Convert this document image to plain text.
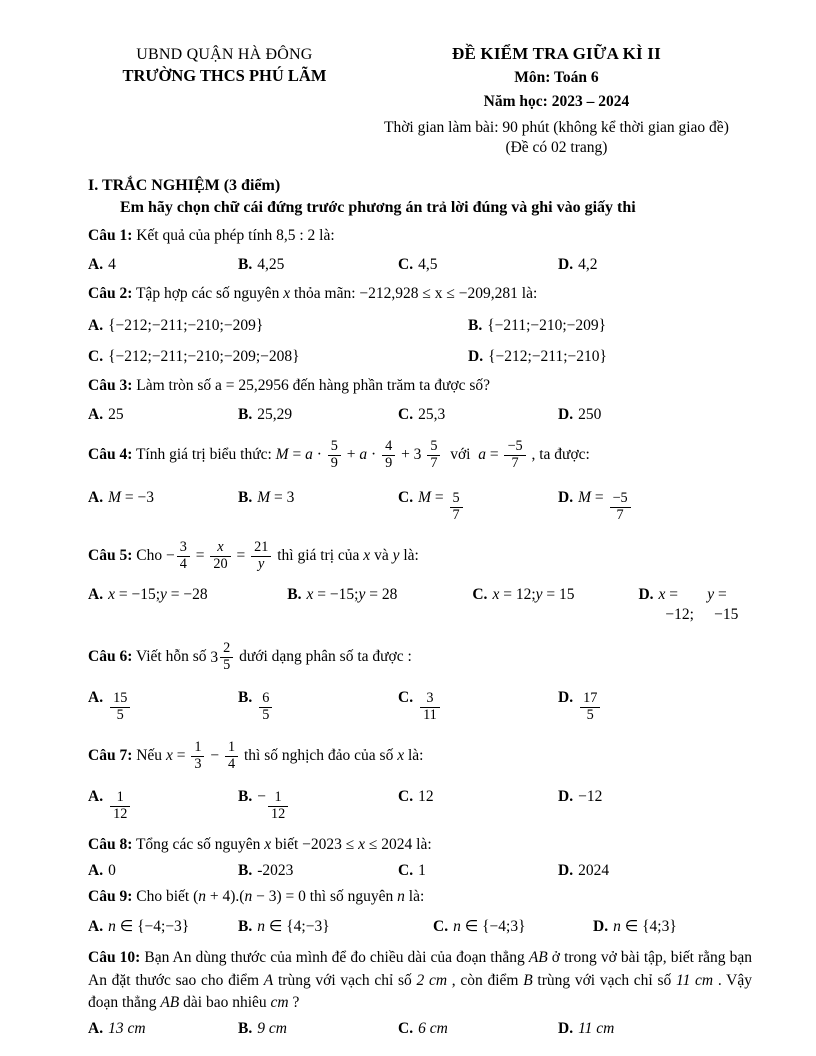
UBND QUẬN HÀ ĐÔNG
TRƯỜNG THCS PHÚ LÃM
ĐỀ KIỂM TRA GIỮA KÌ II
Môn: Toán 6
Năm học: 2023 – 2024
Thời gian làm bài: 90 phút (không kể thời gian giao đề)
(Đề có 02 trang)
I. TRẮC NGHIỆM (3 điểm)
Em hãy chọn chữ cái đứng trước phương án trả lời đúng và ghi vào giấy thi
Câu 1: Kết quả của phép tính 8,5 : 2 là:
A. 4	B. 4,25	C. 4,5	D. 4,2
Câu 2: Tập hợp các số nguyên x thỏa mãn: −212,928 ≤ x ≤ −209,281 là:
A. {−212;−211;−210;−209}	B. {−211;−210;−209}
C. {−212;−211;−210;−209;−208}	D. {−212;−211;−210}
Câu 3: Làm tròn số a = 25,2956 đến hàng phần trăm ta được số?
A. 25	B. 25,29	C. 25,3	D. 250
Câu 4: Tính giá trị biểu thức: $M = a \cdot \frac{5}{9} + a \cdot \frac{4}{9} + 3 \frac{5}{7}$ với  $a = \frac{-5}{7}$ , ta được:
A. M = −3	B. M = 3	C. $M = \frac{5}{7}$	D. $M = \frac{-5}{7}$
Câu 5: Cho − $\frac{3}{4} = \frac{x}{20} = \frac{21}{y}$ thì giá trị của x và y là:
A. x = −15; y = −28	B. x = −15; y = 28	C. x = 12; y = 15	D. x = −12;
y = −15
Câu 6: Viết hỗn số $3 \frac{2}{5}$ dưới dạng phân số ta được :
A. $\frac{15}{5}$	B. $\frac{6}{5}$	C. $\frac{3}{11}$	D. $\frac{17}{5}$
Câu 7: Nếu $x = \frac{1}{3} - \frac{1}{4}$ thì số nghịch đảo của số x là:
A. $\frac{1}{12}$	B. − $\frac{1}{12}$	C. 12	D. −12
Câu 8: Tổng các số nguyên x biết −2023 ≤ x ≤ 2024 là:
A. 0	B. -2023	C. 1	D. 2024
Câu 9: Cho biết (n + 4).(n − 3) = 0 thì số nguyên n là:
A. n ∈ {−4;−3}	B. n ∈ {4;−3}	C. n ∈ {−4;3}	D. n ∈ {4;3}
Câu 10: Bạn An dùng thước của mình để đo chiều dài của đoạn thẳng AB ở trong vở bài tập, biết rằng bạn An đặt thước sao cho điểm A trùng với vạch chỉ số 2 cm , còn điểm B trùng với vạch chỉ số 11 cm . Vậy đoạn thẳng AB dài bao nhiêu cm ?
A. 13 cm	B. 9 cm	C. 6 cm	D. 11 cm
